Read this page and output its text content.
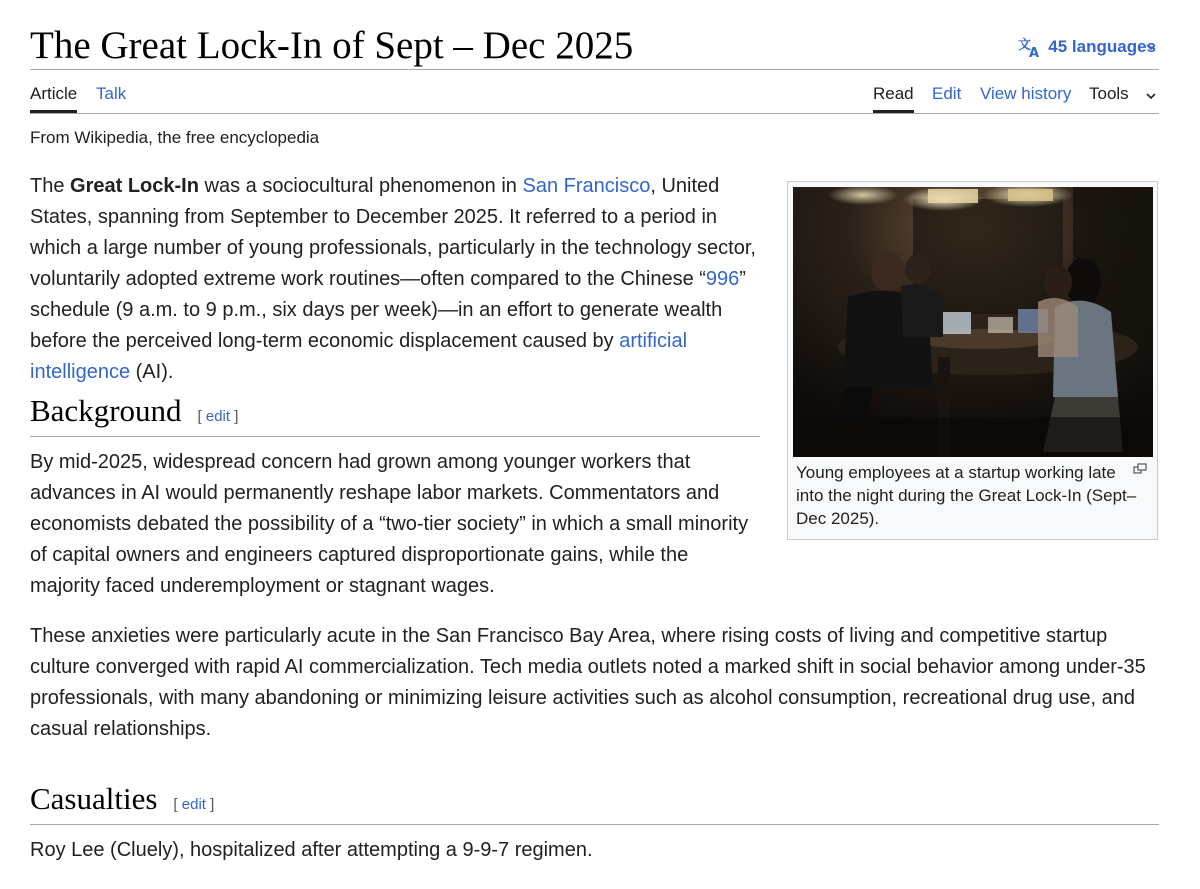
The Great Lock-In of Sept – Dec 2025	文
A 45 languages
Article Talk	Read Edit View history Tools
From Wikipedia, the free encyclopedia

The Great Lock-In was a sociocultural phenomenon in San Francisco, United States, spanning from September to December 2025. It referred to a period in which a large number of young professionals, particularly in the technology sector, voluntarily adopted extreme work routines—often compared to the Chinese “996” schedule (9 a.m. to 9 p.m., six days per week)—in an effort to generate wealth before the perceived long-term economic displacement caused by artificial intelligence (AI).

Background [ edit ]

By mid-2025, widespread concern had grown among younger workers that advances in AI would permanently reshape labor markets. Commentators and economists debated the possibility of a “two-tier society” in which a small minority of capital owners and engineers captured disproportionate gains, while the majority faced underemployment or stagnant wages.

These anxieties were particularly acute in the San Francisco Bay Area, where rising costs of living and competitive startup culture converged with rapid AI commercialization. Tech media outlets noted a marked shift in social behavior among under-35 professionals, with many abandoning or minimizing leisure activities such as alcohol consumption, recreational drug use, and casual relationships.

Casualties [ edit ]

Roy Lee (Cluely), hospitalized after attempting a 9-9-7 regimen.

Young employees at a startup working late into the night during the Great Lock-In (Sept–Dec 2025).
